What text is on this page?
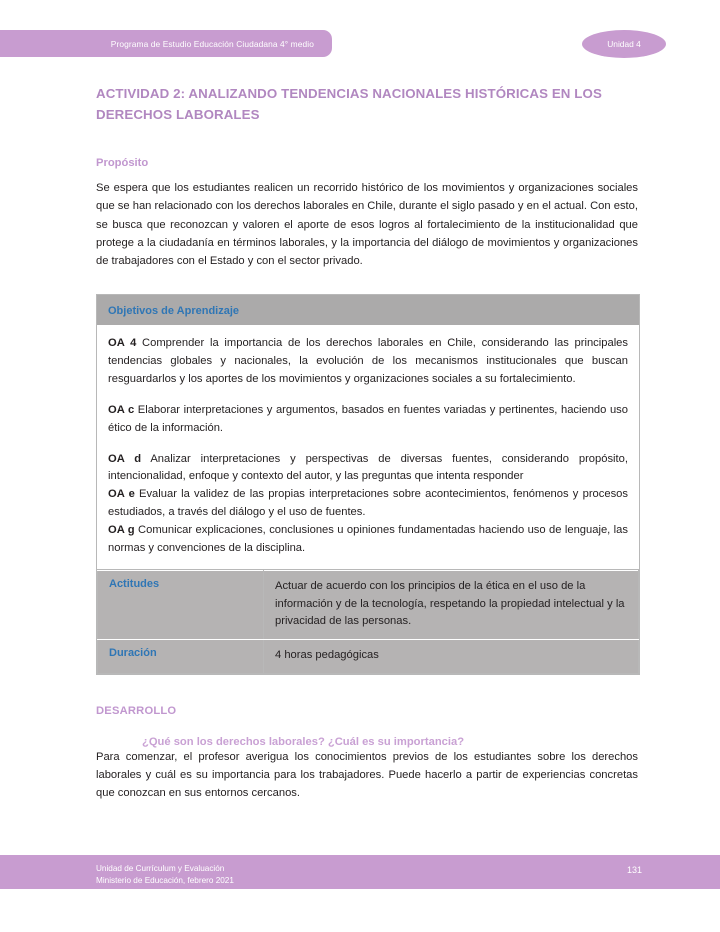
Programa de Estudio Educación Ciudadana 4° medio	Unidad 4
ACTIVIDAD 2: ANALIZANDO TENDENCIAS NACIONALES HISTÓRICAS EN LOS
DERECHOS LABORALES
Propósito

Se espera que los estudiantes realicen un recorrido histórico de los movimientos y organizaciones sociales que se han relacionado con los derechos laborales en Chile, durante el siglo pasado y en el actual. Con esto, se busca que reconozcan y valoren el aporte de esos logros al fortalecimiento de la institucionalidad que protege a la ciudadanía en términos laborales, y la importancia del diálogo de movimientos y organizaciones de trabajadores con el Estado y con el sector privado.

Objetivos de Aprendizaje

OA 4 Comprender la importancia de los derechos laborales en Chile, considerando las principales tendencias globales y nacionales, la evolución de los mecanismos institucionales que buscan resguardarlos y los aportes de los movimientos y organizaciones sociales a su fortalecimiento.

OA c Elaborar interpretaciones y argumentos, basados en fuentes variadas y pertinentes, haciendo uso ético de la información.

OA d Analizar interpretaciones y perspectivas de diversas fuentes, considerando propósito, intencionalidad, enfoque y contexto del autor, y las preguntas que intenta responder

OA e Evaluar la validez de las propias interpretaciones sobre acontecimientos, fenómenos y procesos estudiados, a través del diálogo y el uso de fuentes.

OA g Comunicar explicaciones, conclusiones u opiniones fundamentadas haciendo uso de lenguaje, las normas y convenciones de la disciplina.

Actitudes	Actuar de acuerdo con los principios de la ética en el uso de la información y de la tecnología, respetando la propiedad intelectual y la privacidad de las personas.
Duración	4 horas pedagógicas
DESARROLLO
¿Qué son los derechos laborales? ¿Cuál es su importancia?

Para comenzar, el profesor averigua los conocimientos previos de los estudiantes sobre los derechos laborales y cuál es su importancia para los trabajadores. Puede hacerlo a partir de experiencias concretas que conozcan en sus entornos cercanos.

Unidad de Currículum y Evaluación
Ministerio de Educación, febrero 2021
131
